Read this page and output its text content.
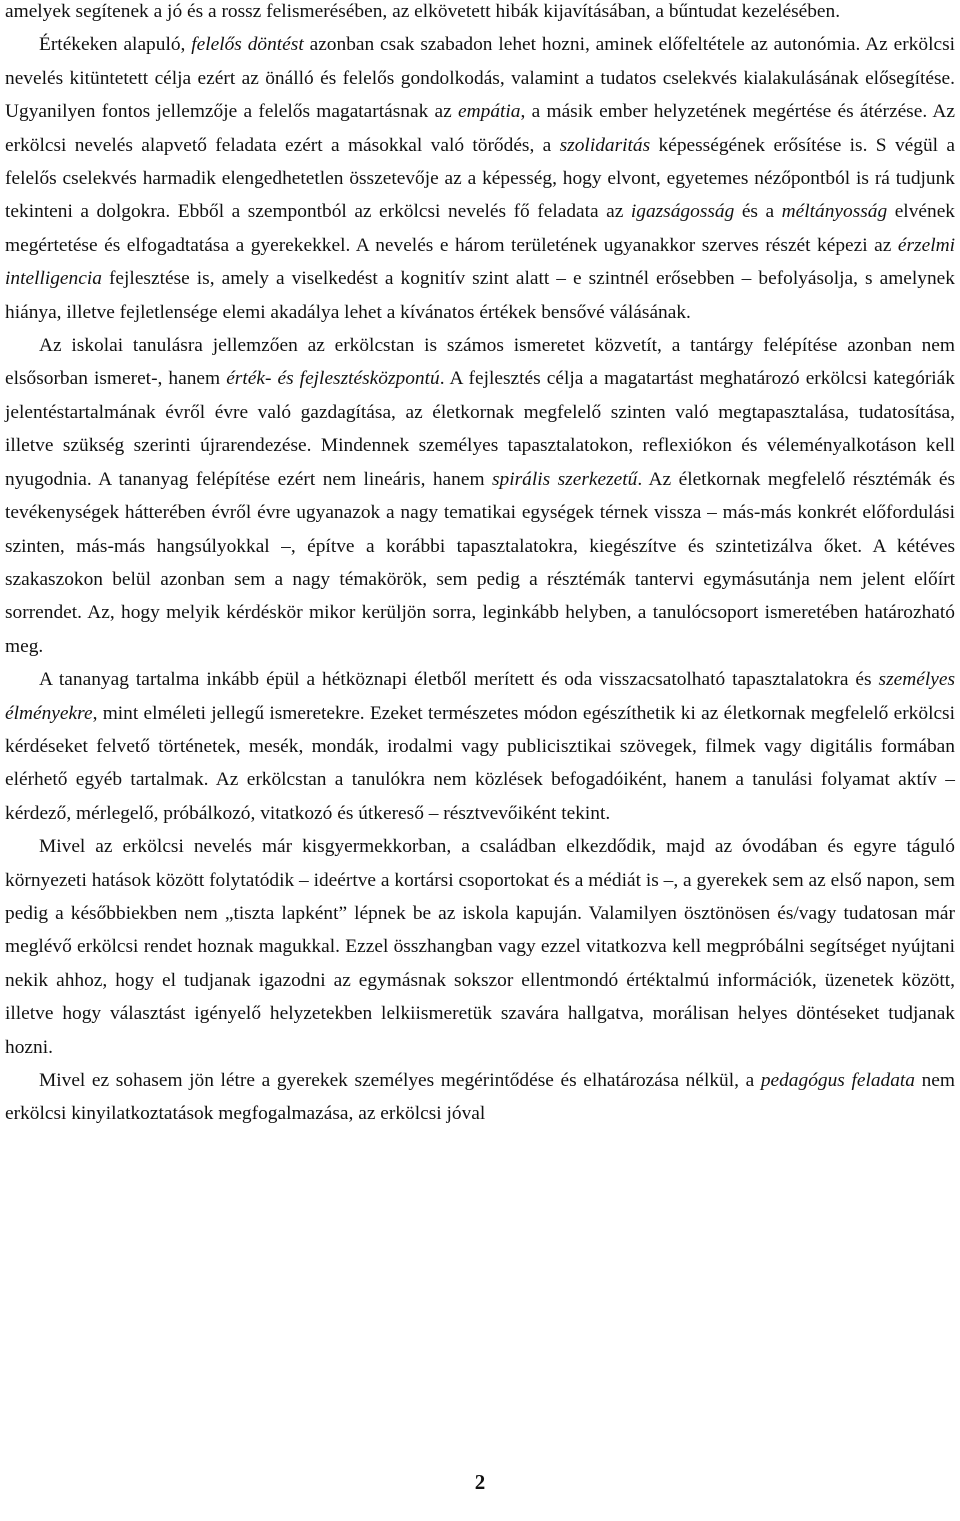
amelyek segítenek a jó és a rossz felismerésében, az elkövetett hibák kijavításában, a bűntudat kezelésében.

Értékeken alapuló, felelős döntést azonban csak szabadon lehet hozni, aminek előfeltétele az autonómia. Az erkölcsi nevelés kitüntetett célja ezért az önálló és felelős gondolkodás, valamint a tudatos cselekvés kialakulásának elősegítése. Ugyanilyen fontos jellemzője a felelős magatartásnak az empátia, a másik ember helyzetének megértése és átérzése. Az erkölcsi nevelés alapvető feladata ezért a másokkal való törődés, a szolidaritás képességének erősítése is. S végül a felelős cselekvés harmadik elengedhetetlen összetevője az a képesség, hogy elvont, egyetemes nézőpontból is rá tudjunk tekinteni a dolgokra. Ebből a szempontból az erkölcsi nevelés fő feladata az igazságosság és a méltányosság elvének megértetése és elfogadtatása a gyerekekkel. A nevelés e három területének ugyanakkor szerves részét képezi az érzelmi intelligencia fejlesztése is, amely a viselkedést a kognitív szint alatt – e szintnél erősebben – befolyásolja, s amelynek hiánya, illetve fejletlensége elemi akadálya lehet a kívánatos értékek bensővé válásának.

Az iskolai tanulásra jellemzően az erkölcstan is számos ismeretet közvetít, a tantárgy felépítése azonban nem elsősorban ismeret-, hanem érték- és fejlesztésközpontú. A fejlesztés célja a magatartást meghatározó erkölcsi kategóriák jelentéstartalmának évről évre való gazdagítása, az életkornak megfelelő szinten való megtapasztalása, tudatosítása, illetve szükség szerinti újrarendezése. Mindennek személyes tapasztalatokon, reflexiókon és véleményalkotáson kell nyugodnia. A tananyag felépítése ezért nem lineáris, hanem spirális szerkezetű. Az életkornak megfelelő résztémák és tevékenységek hátterében évről évre ugyanazok a nagy tematikai egységek térnek vissza – más-más konkrét előfordulási szinten, más-más hangsúlyokkal –, építve a korábbi tapasztalatokra, kiegészítve és szintetizálva őket. A kétéves szakaszokon belül azonban sem a nagy témakörök, sem pedig a résztémák tantervi egymásutánja nem jelent előírt sorrendet. Az, hogy melyik kérdéskör mikor kerüljön sorra, leginkább helyben, a tanulócsoport ismeretében határozható meg.

A tananyag tartalma inkább épül a hétköznapi életből merített és oda visszacsatolható tapasztalatokra és személyes élményekre, mint elméleti jellegű ismeretekre. Ezeket természetes módon egészíthetik ki az életkornak megfelelő erkölcsi kérdéseket felvető történetek, mesék, mondák, irodalmi vagy publicisztikai szövegek, filmek vagy digitális formában elérhető egyéb tartalmak. Az erkölcstan a tanulókra nem közlések befogadóiként, hanem a tanulási folyamat aktív – kérdező, mérlegelő, próbálkozó, vitatkozó és útkereső – résztvevőiként tekint.

Mivel az erkölcsi nevelés már kisgyermekkorban, a családban elkezdődik, majd az óvodában és egyre táguló környezeti hatások között folytatódik – ideértve a kortársi csoportokat és a médiát is –, a gyerekek sem az első napon, sem pedig a későbbiekben nem „tiszta lapként” lépnek be az iskola kapuján. Valamilyen ösztönösen és/vagy tudatosan már meglévő erkölcsi rendet hoznak magukkal. Ezzel összhangban vagy ezzel vitatkozva kell megpróbálni segítséget nyújtani nekik ahhoz, hogy el tudjanak igazodni az egymásnak sokszor ellentmondó értéktalmú információk, üzenetek között, illetve hogy választást igényelő helyzetekben lelkiismeretük szavára hallgatva, morálisan helyes döntéseket tudjanak hozni.

Mivel ez sohasem jön létre a gyerekek személyes megérintődése és elhatározása nélkül, a pedagógus feladata nem erkölcsi kinyilatkoztatások megfogalmazása, az erkölcsi jóval

2
